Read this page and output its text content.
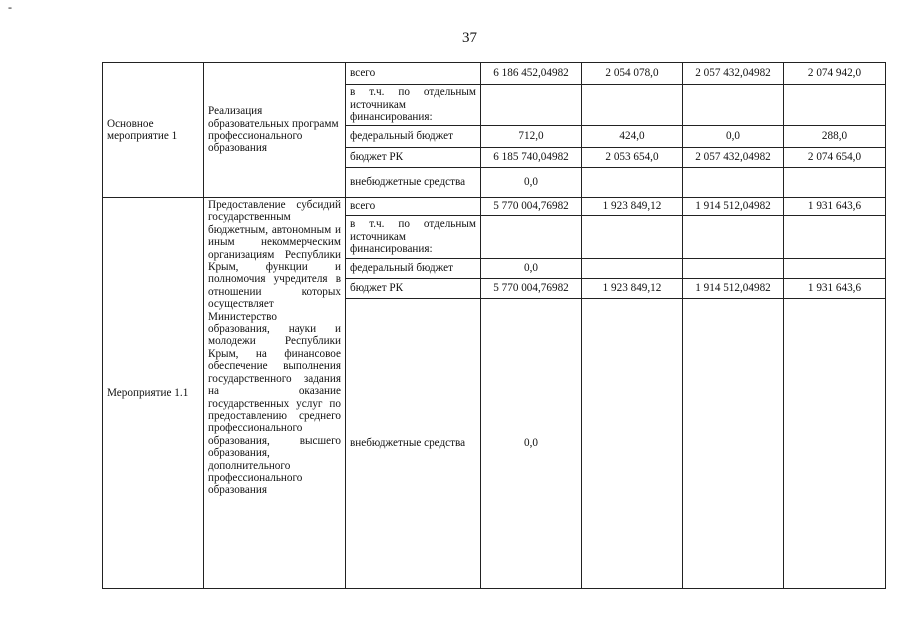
-
37
Основное мероприятие 1	Реализация образовательных программ профессионального образования	всего	6 186 452,04982	2 054 078,0	2 057 432,04982	2 074 942,0
		в т.ч. по отдельным источникам финансирования:				
		федеральный бюджет	712,0	424,0	0,0	288,0
		бюджет РК	6 185 740,04982	2 053 654,0	2 057 432,04982	2 074 654,0
		внебюджетные средства	0,0			
Мероприятие 1.1	Предоставление субсидий государственным бюджетным, автономным и иным некоммерческим организациям Республики Крым, функции и полномочия учредителя в отношении которых осуществляет Министерство образования, науки и молодежи Республики Крым, на финансовое обеспечение выполнения государственного задания на оказание государственных услуг по предоставлению среднего профессионального образования, высшего образования, дополнительного профессионального образования	всего	5 770 004,76982	1 923 849,12	1 914 512,04982	1 931 643,6
		в т.ч. по отдельным источникам финансирования:				
		федеральный бюджет	0,0			
		бюджет РК	5 770 004,76982	1 923 849,12	1 914 512,04982	1 931 643,6
		внебюджетные средства	0,0			
